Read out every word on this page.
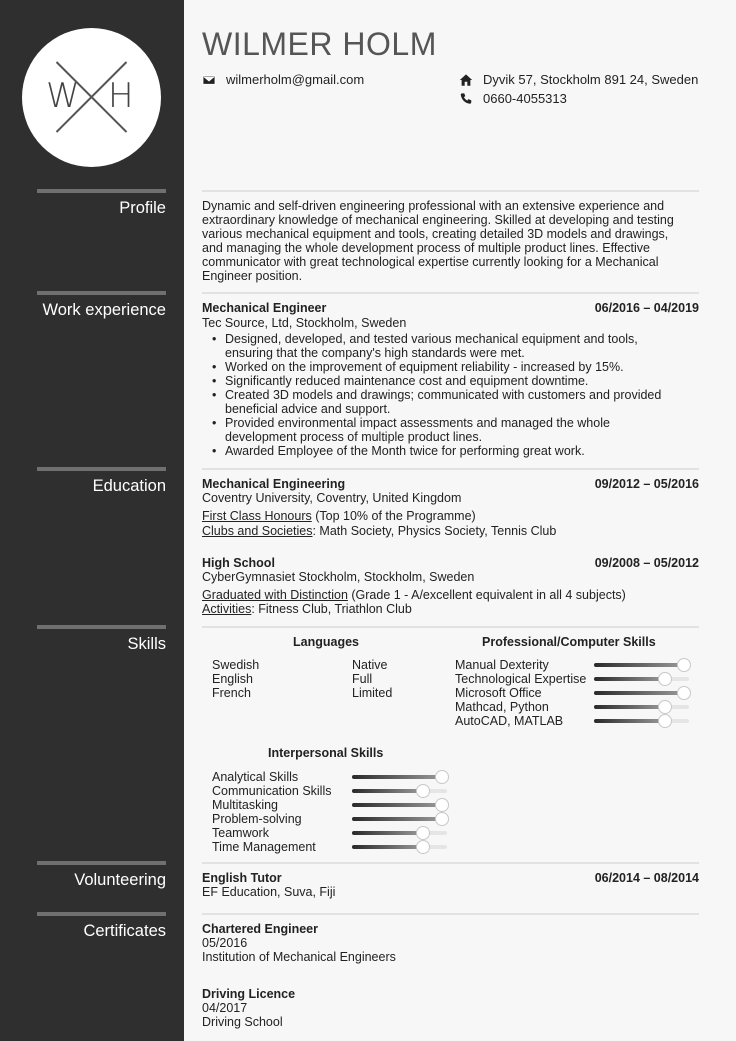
W H
WILMER HOLM
wilmerholm@gmail.com	Dyvik 57, Stockholm 891 24, Sweden
0660-4055313
Profile	Dynamic and self-driven engineering professional with an extensive experience and
extraordinary knowledge of mechanical engineering. Skilled at developing and testing
various mechanical equipment and tools, creating detailed 3D models and drawings,
and managing the whole development process of multiple product lines. Effective
communicator with great technological expertise currently looking for a Mechanical
Engineer position.
Work experience	Mechanical Engineer	06/2016 – 04/2019
Tec Source, Ltd, Stockholm, Sweden
• Designed, developed, and tested various mechanical equipment and tools,
ensuring that the company's high standards were met.
• Worked on the improvement of equipment reliability - increased by 15%.
• Significantly reduced maintenance cost and equipment downtime.
• Created 3D models and drawings; communicated with customers and provided
beneficial advice and support.
• Provided environmental impact assessments and managed the whole
development process of multiple product lines.
• Awarded Employee of the Month twice for performing great work.
Education	Mechanical Engineering	09/2012 – 05/2016
Coventry University, Coventry, United Kingdom
First Class Honours (Top 10% of the Programme)
Clubs and Societies: Math Society, Physics Society, Tennis Club
High School	09/2008 – 05/2012
CyberGymnasiet Stockholm, Stockholm, Sweden
Graduated with Distinction (Grade 1 - A/excellent equivalent in all 4 subjects)
Activities: Fitness Club, Triathlon Club
Skills	Languages
Swedish	Native
English	Full
French	Limited
Professional/Computer Skills
Manual Dexterity
Technological Expertise
Microsoft Office
Mathcad, Python
AutoCAD, MATLAB
Interpersonal Skills
Analytical Skills
Communication Skills
Multitasking
Problem-solving
Teamwork
Time Management
Volunteering	English Tutor	06/2014 – 08/2014
EF Education, Suva, Fiji
Certificates	Chartered Engineer
05/2016
Institution of Mechanical Engineers
Driving Licence
04/2017
Driving School
